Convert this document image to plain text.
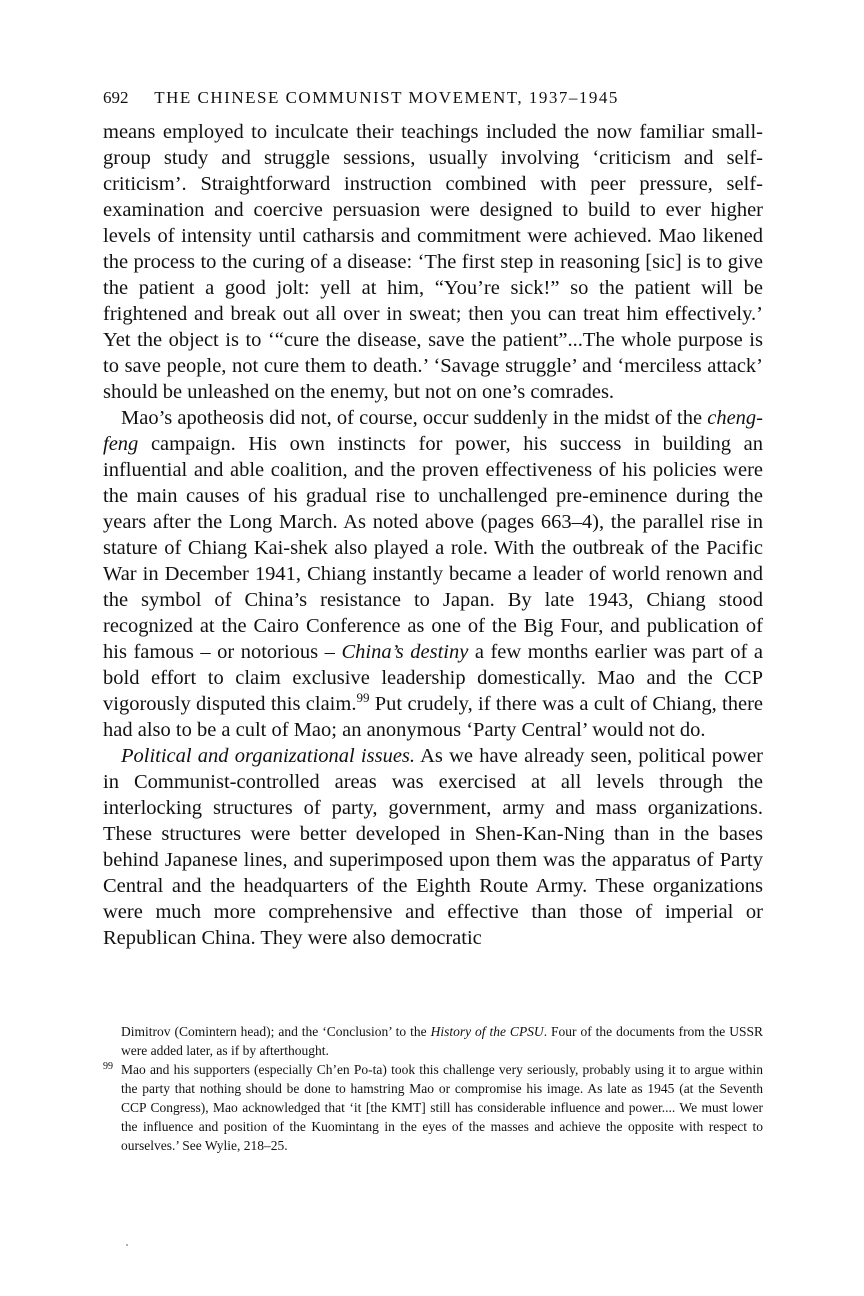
692 THE CHINESE COMMUNIST MOVEMENT, 1937–1945

means employed to inculcate their teachings included the now familiar small-group study and struggle sessions, usually involving ‘criticism and self-criticism’. Straightforward instruction combined with peer pressure, self-examination and coercive persuasion were designed to build to ever higher levels of intensity until catharsis and commitment were achieved. Mao likened the process to the curing of a disease: ‘The first step in reasoning [sic] is to give the patient a good jolt: yell at him, “You’re sick!” so the patient will be frightened and break out all over in sweat; then you can treat him effectively.’ Yet the object is to ‘“cure the disease, save the patient”...The whole purpose is to save people, not cure them to death.’ ‘Savage struggle’ and ‘merciless attack’ should be unleashed on the enemy, but not on one’s comrades.

Mao’s apotheosis did not, of course, occur suddenly in the midst of the cheng-feng campaign. His own instincts for power, his success in building an influential and able coalition, and the proven effectiveness of his policies were the main causes of his gradual rise to unchallenged pre-eminence during the years after the Long March. As noted above (pages 663–4), the parallel rise in stature of Chiang Kai-shek also played a role. With the outbreak of the Pacific War in December 1941, Chiang instantly became a leader of world renown and the symbol of China’s resistance to Japan. By late 1943, Chiang stood recognized at the Cairo Conference as one of the Big Four, and publication of his famous – or notorious – China’s destiny a few months earlier was part of a bold effort to claim exclusive leadership domestically. Mao and the CCP vigorously disputed this claim.$^{99}$ Put crudely, if there was a cult of Chiang, there had also to be a cult of Mao; an anonymous ‘Party Central’ would not do.

Political and organizational issues. As we have already seen, political power in Communist-controlled areas was exercised at all levels through the interlocking structures of party, government, army and mass organizations. These structures were better developed in Shen-Kan-Ning than in the bases behind Japanese lines, and superimposed upon them was the apparatus of Party Central and the headquarters of the Eighth Route Army. These organizations were much more comprehensive and effective than those of imperial or Republican China. They were also democratic

Dimitrov (Comintern head); and the ‘Conclusion’ to the History of the CPSU. Four of the documents from the USSR were added later, as if by afterthought.

99 Mao and his supporters (especially Ch’en Po-ta) took this challenge very seriously, probably using it to argue within the party that nothing should be done to hamstring Mao or compromise his image. As late as 1945 (at the Seventh CCP Congress), Mao acknowledged that ‘it [the KMT] still has considerable influence and power.... We must lower the influence and position of the Kuomintang in the eyes of the masses and achieve the opposite with respect to ourselves.’ See Wylie, 218–25.
